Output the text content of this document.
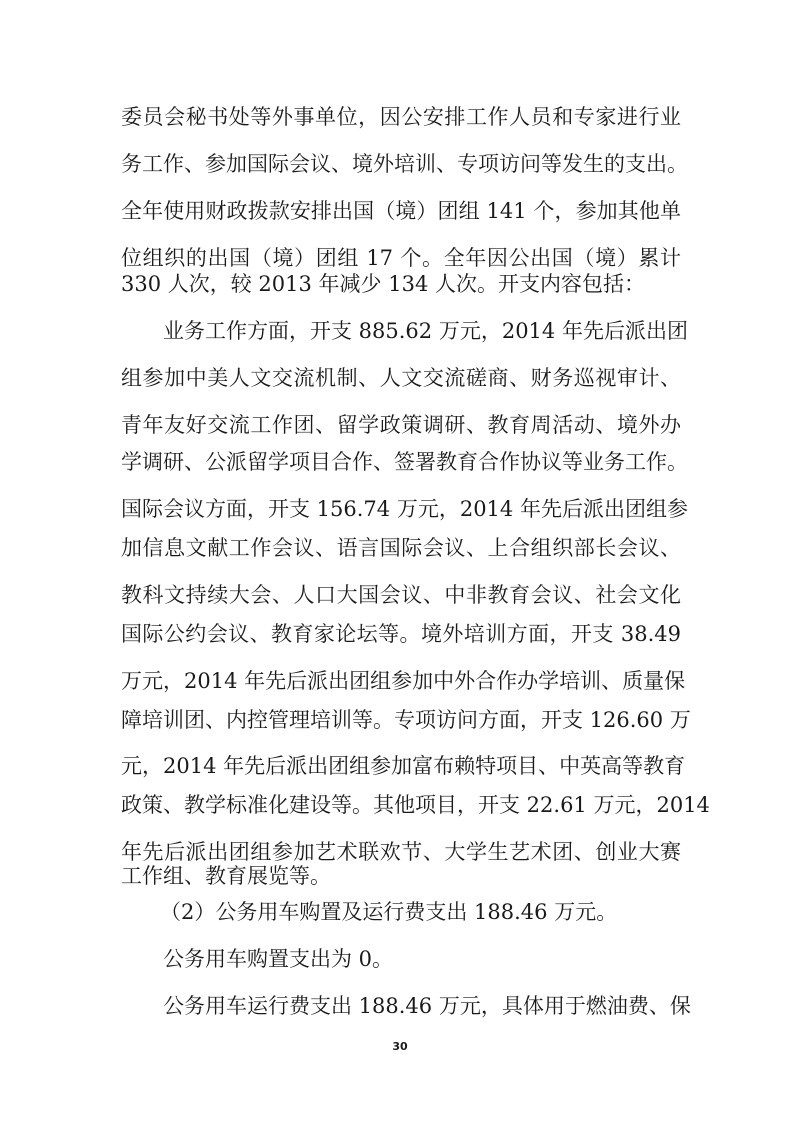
委员会秘书处等外事单位，因公安排工作人员和专家进行业

务工作、参加国际会议、境外培训、专项访问等发生的支出。

全年使用财政拨款安排出国（境）团组 141 个，参加其他单

位组织的出国（境）团组 17 个。全年因公出国（境）累计

330 人次，较 2013 年减少 134 人次。开支内容包括：

业务工作方面，开支 885.62 万元，2014 年先后派出团

组参加中美人文交流机制、人文交流磋商、财务巡视审计、

青年友好交流工作团、留学政策调研、教育周活动、境外办

学调研、公派留学项目合作、签署教育合作协议等业务工作。

国际会议方面，开支 156.74 万元，2014 年先后派出团组参

加信息文献工作会议、语言国际会议、上合组织部长会议、

教科文持续大会、人口大国会议、中非教育会议、社会文化

国际公约会议、教育家论坛等。境外培训方面，开支 38.49

万元，2014 年先后派出团组参加中外合作办学培训、质量保

障培训团、内控管理培训等。专项访问方面，开支 126.60 万

元，2014 年先后派出团组参加富布赖特项目、中英高等教育

政策、教学标准化建设等。其他项目，开支 22.61 万元，2014

年先后派出团组参加艺术联欢节、大学生艺术团、创业大赛

工作组、教育展览等。

（2）公务用车购置及运行费支出 188.46 万元。

公务用车购置支出为 0。

公务用车运行费支出 188.46 万元，具体用于燃油费、保

30
